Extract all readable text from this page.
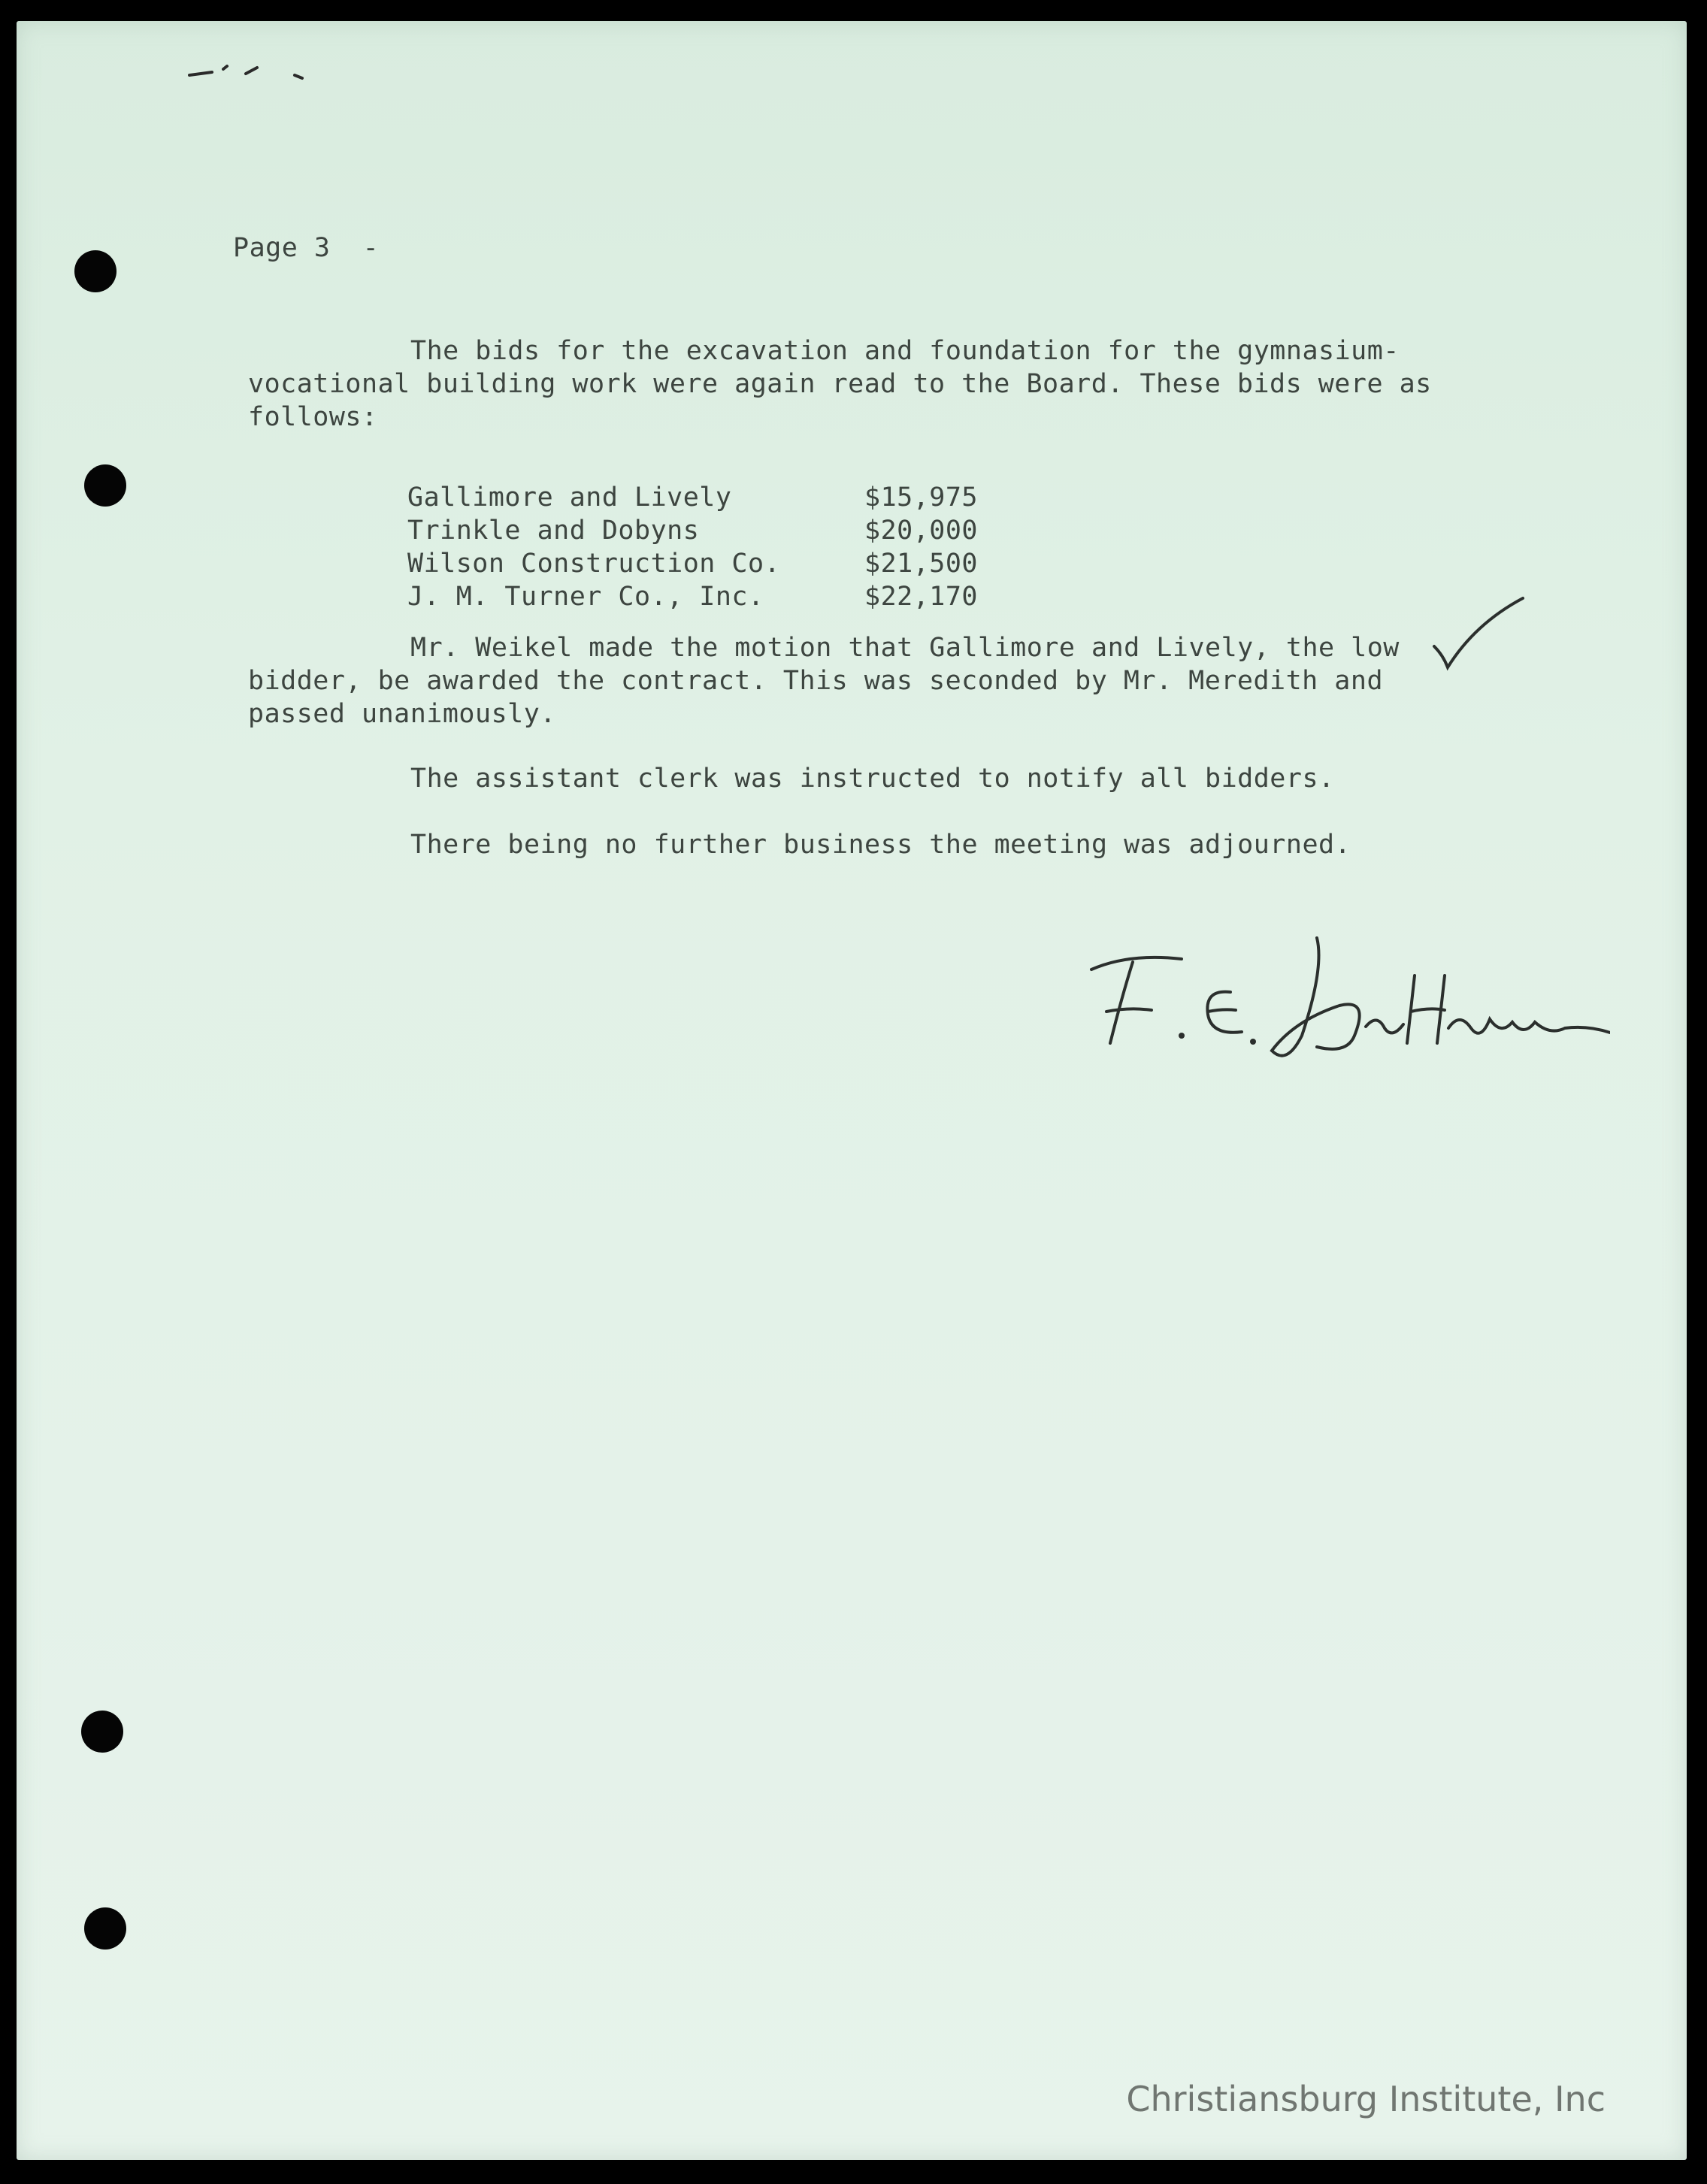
Page 3  -
The bids for the excavation and foundation for the gymnasium-vocational building work were again read to the Board. These bids were as follows:
Gallimore and Lively	$15,975
Trinkle and Dobyns	$20,000
Wilson Construction Co.	$21,500
J. M. Turner Co., Inc.	$22,170
Mr. Weikel made the motion that Gallimore and Lively, the low bidder, be awarded the contract. This was seconded by Mr. Meredith and passed unanimously.
The assistant clerk was instructed to notify all bidders.
There being no further business the meeting was adjourned.
Christiansburg Institute, Inc
